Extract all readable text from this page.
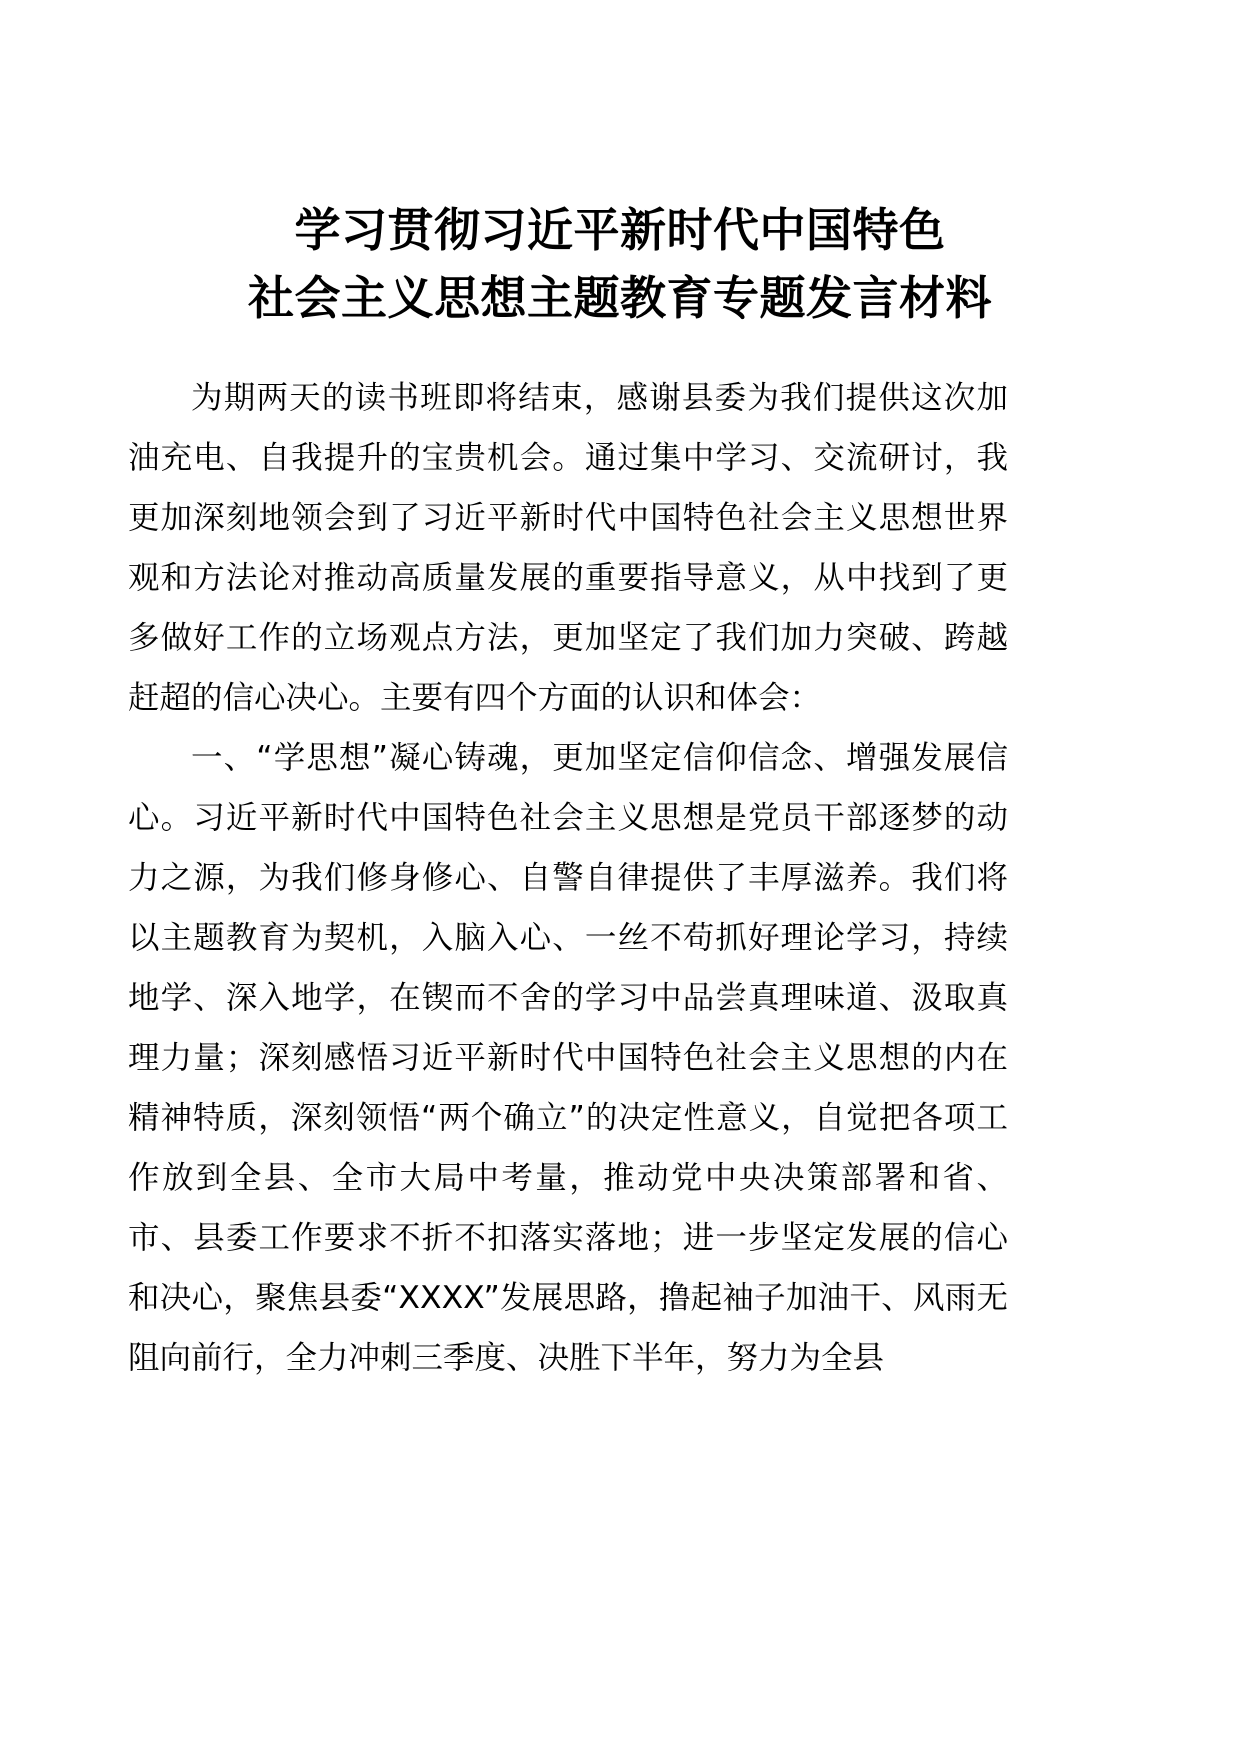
学习贯彻习近平新时代中国特色
社会主义思想主题教育专题发言材料

为期两天的读书班即将结束，感谢县委为我们提供这次加油充电、自我提升的宝贵机会。通过集中学习、交流研讨，我更加深刻地领会到了习近平新时代中国特色社会主义思想世界观和方法论对推动高质量发展的重要指导意义，从中找到了更多做好工作的立场观点方法，更加坚定了我们加力突破、跨越赶超的信心决心。主要有四个方面的认识和体会：

一、“学思想”凝心铸魂，更加坚定信仰信念、增强发展信心。习近平新时代中国特色社会主义思想是党员干部逐梦的动力之源，为我们修身修心、自警自律提供了丰厚滋养。我们将以主题教育为契机，入脑入心、一丝不苟抓好理论学习，持续地学、深入地学，在锲而不舍的学习中品尝真理味道、汲取真理力量；深刻感悟习近平新时代中国特色社会主义思想的内在精神特质，深刻领悟“两个确立”的决定性意义，自觉把各项工作放到全县、全市大局中考量，推动党中央决策部署和省、市、县委工作要求不折不扣落实落地；进一步坚定发展的信心和决心，聚焦县委“XXXX”发展思路，撸起袖子加油干、风雨无阻向前行，全力冲刺三季度、决胜下半年，努力为全县
